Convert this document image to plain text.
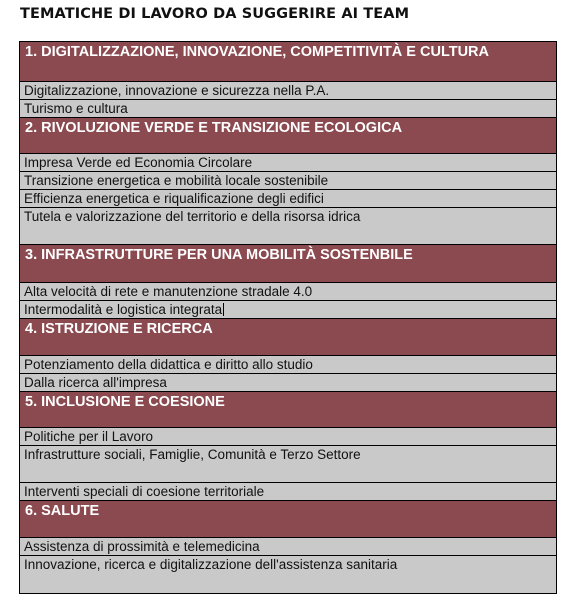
TEMATICHE DI LAVORO DA SUGGERIRE AI TEAM
1. DIGITALIZZAZIONE, INNOVAZIONE, COMPETITIVITÀ E CULTURA
Digitalizzazione, innovazione e sicurezza nella P.A.
Turismo e cultura
2. RIVOLUZIONE VERDE E TRANSIZIONE ECOLOGICA
Impresa Verde ed Economia Circolare
Transizione energetica e mobilità locale sostenibile
Efficienza energetica e riqualificazione degli edifici
Tutela e valorizzazione del territorio e della risorsa idrica
3. INFRASTRUTTURE PER UNA MOBILITÀ SOSTENBILE
Alta velocità di rete e manutenzione stradale 4.0
Intermodalità e logistica integrata
4. ISTRUZIONE E RICERCA
Potenziamento della didattica e diritto allo studio
Dalla ricerca all'impresa
5. INCLUSIONE E COESIONE
Politiche per il Lavoro
Infrastrutture sociali, Famiglie, Comunità e Terzo Settore
Interventi speciali di coesione territoriale
6. SALUTE
Assistenza di prossimità e telemedicina
Innovazione, ricerca e digitalizzazione dell'assistenza sanitaria
